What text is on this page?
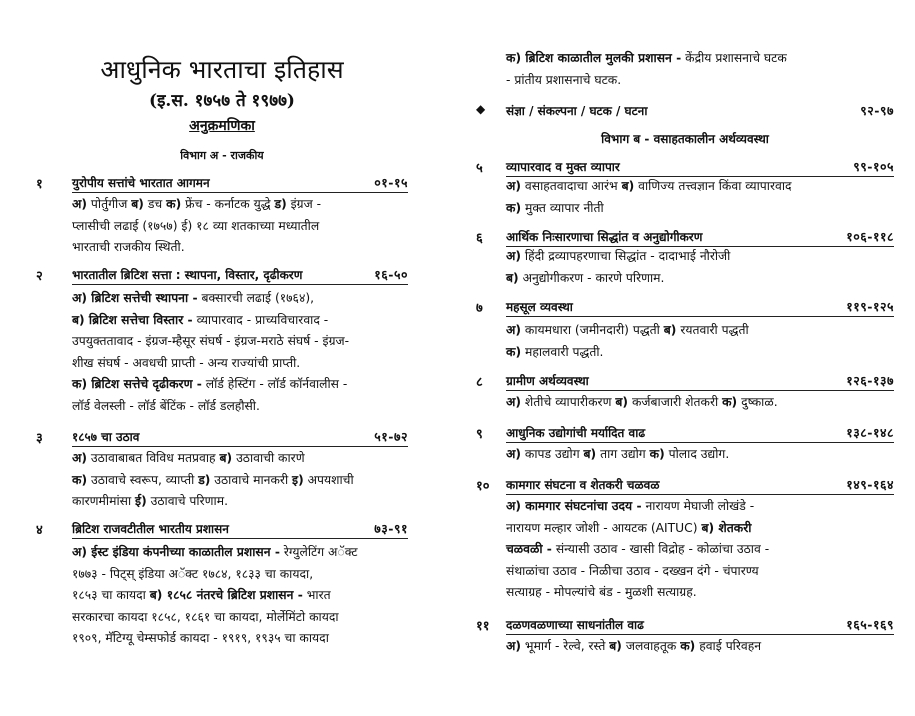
आधुनिक भारताचा इतिहास
(इ.स. १७५७ ते १९७७)
अनुक्रमणिका
विभाग अ - राजकीय
१ युरोपीय सत्तांचे भारतात आगमन	०१-१५
अ) पोर्तुगीज ब) डच क) फ्रेंच - कर्नाटक युद्धे ड) इंग्रज -
प्लासीची लढाई (१७५७) ई) १८ व्या शतकाच्या मध्यातील
भारताची राजकीय स्थिती.
२ भारतातील ब्रिटिश सत्ता : स्थापना, विस्तार, दृढीकरण	१६-५०
अ) ब्रिटिश सत्तेची स्थापना - बक्सारची लढाई (१७६४),
ब) ब्रिटिश सत्तेचा विस्तार - व्यापारवाद - प्राच्यविचारवाद -
उपयुक्ततावाद - इंग्रज-म्हैसूर संघर्ष - इंग्रज-मराठे संघर्ष - इंग्रज-
शीख संघर्ष - अवधची प्राप्ती - अन्य राज्यांची प्राप्ती.
क) ब्रिटिश सत्तेचे दृढीकरण - लॉर्ड हेस्टिंग - लॉर्ड कॉर्नवालीस -
लॉर्ड वेलस्ली - लॉर्ड बेंटिंक - लॉर्ड डलहौसी.
३ १८५७ चा उठाव	५१-७२
अ) उठावाबाबत विविध मतप्रवाह ब) उठावाची कारणे
क) उठावाचे स्वरूप, व्याप्ती ड) उठावाचे मानकरी इ) अपयशाची
कारणमीमांसा ई) उठावाचे परिणाम.
४ ब्रिटिश राजवटीतील भारतीय प्रशासन	७३-९१
अ) ईस्ट इंडिया कंपनीच्या काळातील प्रशासन - रेग्युलेटिंग अॅक्ट
१७७३ - पिट्स् इंडिया अॅक्ट १७८४, १८३३ चा कायदा,
१८५३ चा कायदा ब) १८५८ नंतरचे ब्रिटिश प्रशासन - भारत
सरकारचा कायदा १८५८, १८६१ चा कायदा, मोर्लेमिंटो कायदा
१९०९, मॅटिग्यू चेम्सफोर्ड कायदा - १९१९, १९३५ चा कायदा
क) ब्रिटिश काळातील मुलकी प्रशासन - केंद्रीय प्रशासनाचे घटक
- प्रांतीय प्रशासनाचे घटक.
◆ संज्ञा / संकल्पना / घटक / घटना	९२-९७
विभाग ब - वसाहतकालीन अर्थव्यवस्था
५ व्यापारवाद व मुक्त व्यापार	९९-१०५
अ) वसाहतवादाचा आरंभ ब) वाणिज्य तत्त्वज्ञान किंवा व्यापारवाद
क) मुक्त व्यापार नीती
६ आर्थिक निःसारणाचा सिद्धांत व अनुद्योगीकरण	१०६-११८
अ) हिंदी द्रव्यापहरणाचा सिद्धांत - दादाभाई नौरोजी
ब) अनुद्योगीकरण - कारणे परिणाम.
७ महसूल व्यवस्था	११९-१२५
अ) कायमधारा (जमीनदारी) पद्धती ब) रयतवारी पद्धती
क) महालवारी पद्धती.
८ ग्रामीण अर्थव्यवस्था	१२६-१३७
अ) शेतीचे व्यापारीकरण ब) कर्जबाजारी शेतकरी क) दुष्काळ.
९ आधुनिक उद्योगांची मर्यादित वाढ	१३८-१४८
अ) कापड उद्योग ब) ताग उद्योग क) पोलाद उद्योग.
१० कामगार संघटना व शेतकरी चळवळ	१४९-१६४
अ) कामगार संघटनांचा उदय - नारायण मेघाजी लोखंडे -
नारायण मल्हार जोशी - आयटक (AITUC) ब) शेतकरी
चळवळी - संन्यासी उठाव - खासी विद्रोह - कोळांचा उठाव -
संथाळांचा उठाव - निळीचा उठाव - दख्खन दंगे - चंपारण्य
सत्याग्रह - मोपल्यांचे बंड - मुळशी सत्याग्रह.
११ दळणवळणाच्या साधनांतील वाढ	१६५-१६९
अ) भूमार्ग - रेल्वे, रस्ते ब) जलवाहतूक क) हवाई परिवहन
